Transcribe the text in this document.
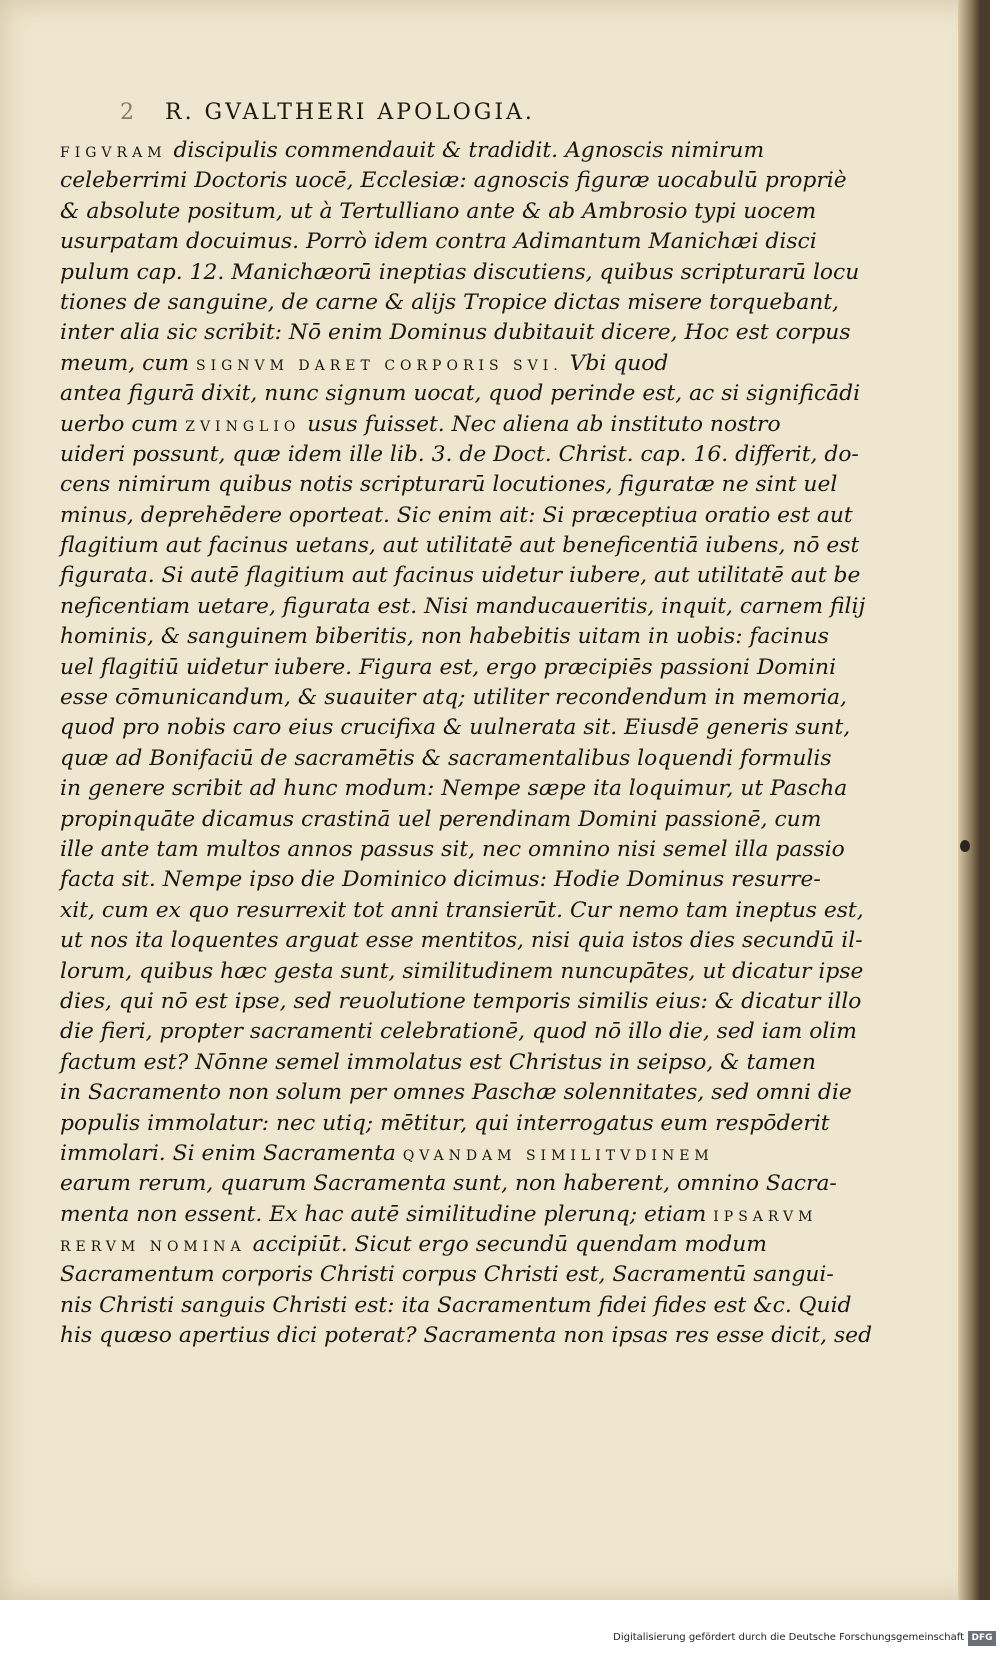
2 R. GVALTHERI APOLOGIA.
FIGVRAM discipulis commendauit & tradidit. Agnoscis nimirum
celeberrimi Doctoris uocē, Ecclesiæ: agnoscis figuræ uocabulū propriè
& absolute positum, ut à Tertulliano ante & ab Ambrosio typi uocem
usurpatam docuimus. Porrò idem contra Adimantum Manichæi disci
pulum cap. 12. Manichæorū ineptias discutiens, quibus scripturarū locu
tiones de sanguine, de carne & alijs Tropice dictas misere torquebant,
inter alia sic scribit: Nō enim Dominus dubitauit dicere, Hoc est corpus
meum, cum SIGNVM DARET CORPORIS SVI. Vbi quod
antea figurā dixit, nunc signum uocat, quod perinde est, ac si significādi
uerbo cum ZVINGLIO usus fuisset. Nec aliena ab instituto nostro
uideri possunt, quæ idem ille lib. 3. de Doct. Christ. cap. 16. differit, do-
cens nimirum quibus notis scripturarū locutiones, figuratæ ne sint uel
minus, deprehēdere oporteat. Sic enim ait: Si præceptiua oratio est aut
flagitium aut facinus uetans, aut utilitatē aut beneficentiā iubens, nō est
figurata. Si autē flagitium aut facinus uidetur iubere, aut utilitatē aut be
neficentiam uetare, figurata est. Nisi manducaueritis, inquit, carnem filij
hominis, & sanguinem biberitis, non habebitis uitam in uobis: facinus
uel flagitiū uidetur iubere. Figura est, ergo præcipiēs passioni Domini
esse cōmunicandum, & suauiter atq; utiliter recondendum in memoria,
quod pro nobis caro eius crucifixa & uulnerata sit. Eiusdē generis sunt,
quæ ad Bonifaciū de sacramētis & sacramentalibus loquendi formulis
in genere scribit ad hunc modum: Nempe sæpe ita loquimur, ut Pascha
propinquāte dicamus crastinā uel perendinam Domini passionē, cum
ille ante tam multos annos passus sit, nec omnino nisi semel illa passio
facta sit. Nempe ipso die Dominico dicimus: Hodie Dominus resurre-
xit, cum ex quo resurrexit tot anni transierūt. Cur nemo tam ineptus est,
ut nos ita loquentes arguat esse mentitos, nisi quia istos dies secundū il-
lorum, quibus hæc gesta sunt, similitudinem nuncupātes, ut dicatur ipse
dies, qui nō est ipse, sed reuolutione temporis similis eius: & dicatur illo
die fieri, propter sacramenti celebrationē, quod nō illo die, sed iam olim
factum est? Nōnne semel immolatus est Christus in seipso, & tamen
in Sacramento non solum per omnes Paschæ solennitates, sed omni die
populis immolatur: nec utiq; mētitur, qui interrogatus eum respōderit
immolari. Si enim Sacramenta QVANDAM SIMILITVDINEM
earum rerum, quarum Sacramenta sunt, non haberent, omnino Sacra-
menta non essent. Ex hac autē similitudine plerunq; etiam IPSARVM
RERVM NOMINA accipiūt. Sicut ergo secundū quendam modum
Sacramentum corporis Christi corpus Christi est, Sacramentū sangui-
nis Christi sanguis Christi est: ita Sacramentum fidei fides est &c. Quid
his quæso apertius dici poterat? Sacramenta non ipsas res esse dicit, sed
Digitalisierung gefördert durch die Deutsche Forschungsgemeinschaft DFG
